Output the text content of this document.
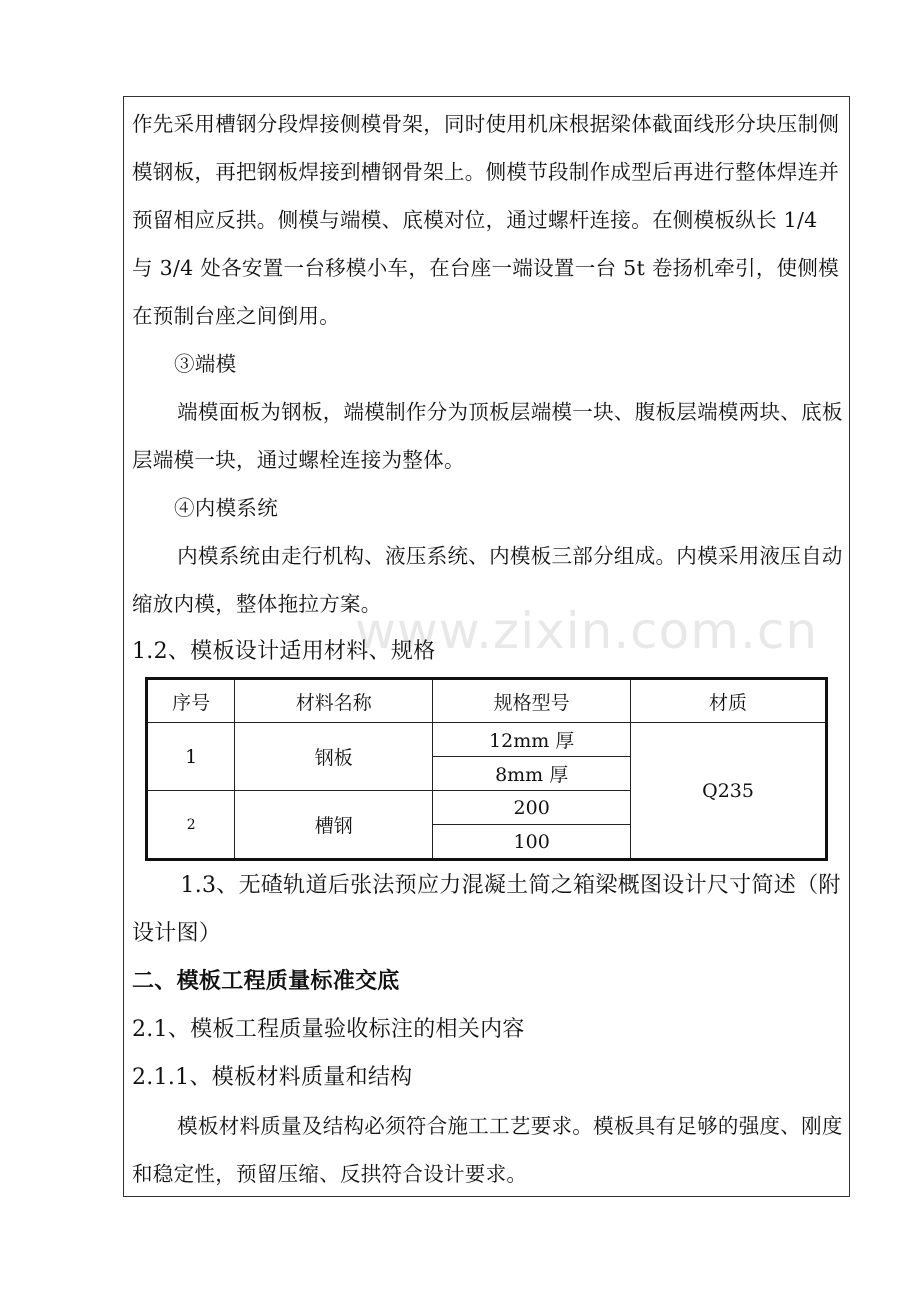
www.zixin.com.cn

作先采用槽钢分段焊接侧模骨架，同时使用机床根据梁体截面线形分块压制侧模钢板，再把钢板焊接到槽钢骨架上。侧模节段制作成型后再进行整体焊连并预留相应反拱。侧模与端模、底模对位，通过螺杆连接。在侧模板纵长 1/4 与 3/4 处各安置一台移模小车，在台座一端设置一台 5t 卷扬机牵引，使侧模在预制台座之间倒用。

③端模

端模面板为钢板，端模制作分为顶板层端模一块、腹板层端模两块、底板层端模一块，通过螺栓连接为整体。

④内模系统

内模系统由走行机构、液压系统、内模板三部分组成。内模采用液压自动缩放内模，整体拖拉方案。

1.2、模板设计适用材料、规格

序号	材料名称	规格型号	材质
1	钢板	12mm 厚	Q235
		8mm 厚	
2	槽钢	200	
		100	

1.3、无碴轨道后张法预应力混凝土简之箱梁概图设计尺寸简述（附设计图）

二、模板工程质量标准交底

2.1、模板工程质量验收标注的相关内容

2.1.1、模板材料质量和结构

模板材料质量及结构必须符合施工工艺要求。模板具有足够的强度、刚度和稳定性，预留压缩、反拱符合设计要求。
